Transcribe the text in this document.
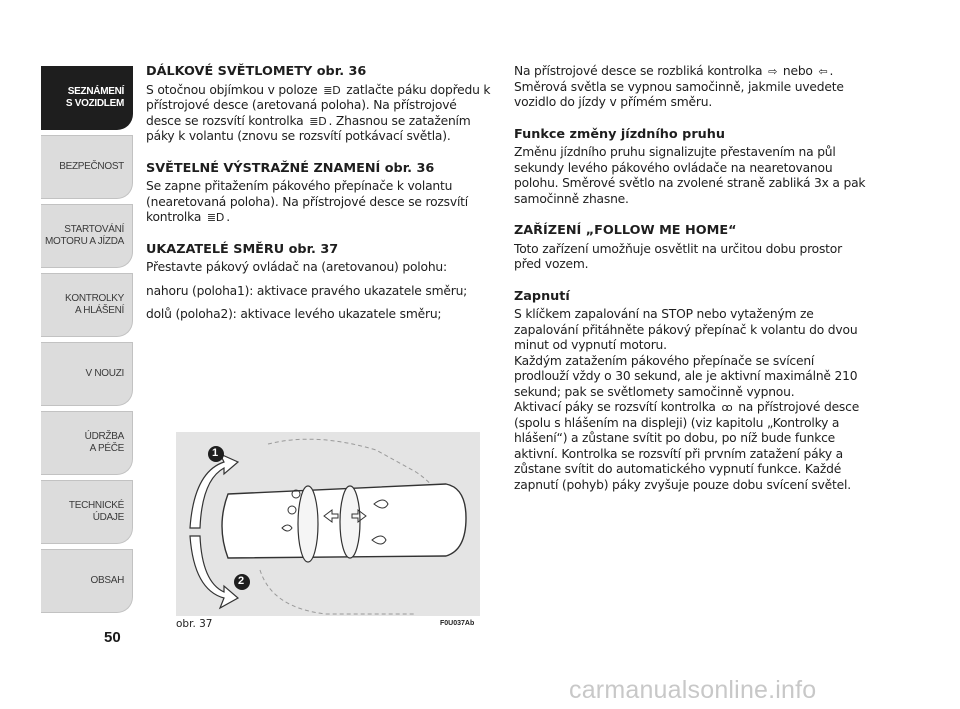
SEZNÁMENÍ
S VOZIDLEM
BEZPEČNOST
STARTOVÁNÍ
MOTORU A JÍZDA
KONTROLKY
A HLÁŠENÍ
V NOUZI
ÚDRŽBA
A PÉČE
TECHNICKÉ
ÚDAJE
OBSAH
50
DÁLKOVÉ SVĚTLOMETY obr. 36

S otočnou objímkou v poloze ≣D zatlačte páku dopředu k přístrojové desce (aretovaná poloha). Na přístrojové desce se rozsvítí kontrolka ≣D . Zhasnou se zatažením páky k volantu (znovu se rozsvítí potkávací světla).

SVĚTELNÉ VÝSTRAŽNÉ ZNAMENÍ obr. 36

Se zapne přitažením pákového přepínače k volantu (nearetovaná poloha). Na přístrojové desce se rozsvítí kontrolka ≣D .

UKAZATELÉ SMĚRU obr. 37

Přestavte pákový ovládač na (aretovanou) polohu:

nahoru (poloha1): aktivace pravého ukazatele směru;

dolů (poloha2): aktivace levého ukazatele směru;

Na přístrojové desce se rozbliká kontrolka ⇨ nebo ⇦ . Směrová světla se vypnou samočinně, jakmile uvedete vozidlo do jízdy v přímém směru.

Funkce změny jízdního pruhu

Změnu jízdního pruhu signalizujte přestavením na půl sekundy levého pákového ovládače na nearetovanou polohu. Směrové světlo na zvolené straně zabliká 3x a pak samočinně zhasne.

ZAŘÍZENÍ „FOLLOW ME HOME“

Toto zařízení umožňuje osvětlit na určitou dobu prostor před vozem.

Zapnutí

S klíčkem zapalování na STOP nebo vytaženým ze zapalování přitáhněte pákový přepínač k volantu do dvou minut od vypnutí motoru.

Každým zatažením pákového přepínače se svícení prodlouží vždy o 30 sekund, ale je aktivní maximálně 210 sekund; pak se světlomety samočinně vypnou.

Aktivací páky se rozsvítí kontrolka ꝏ na přístrojové desce (spolu s hlášením na displeji) (viz kapitolu „Kontrolky a hlášení“) a zůstane svítit po dobu, po níž bude funkce aktivní. Kontrolka se rozsvítí při prvním zatažení páky a zůstane svítit do automatického vypnutí funkce. Každé zapnutí (pohyb) páky zvyšuje pouze dobu svícení světel.

1
2
obr. 37	F0U037Ab
carmanualsonline.info
